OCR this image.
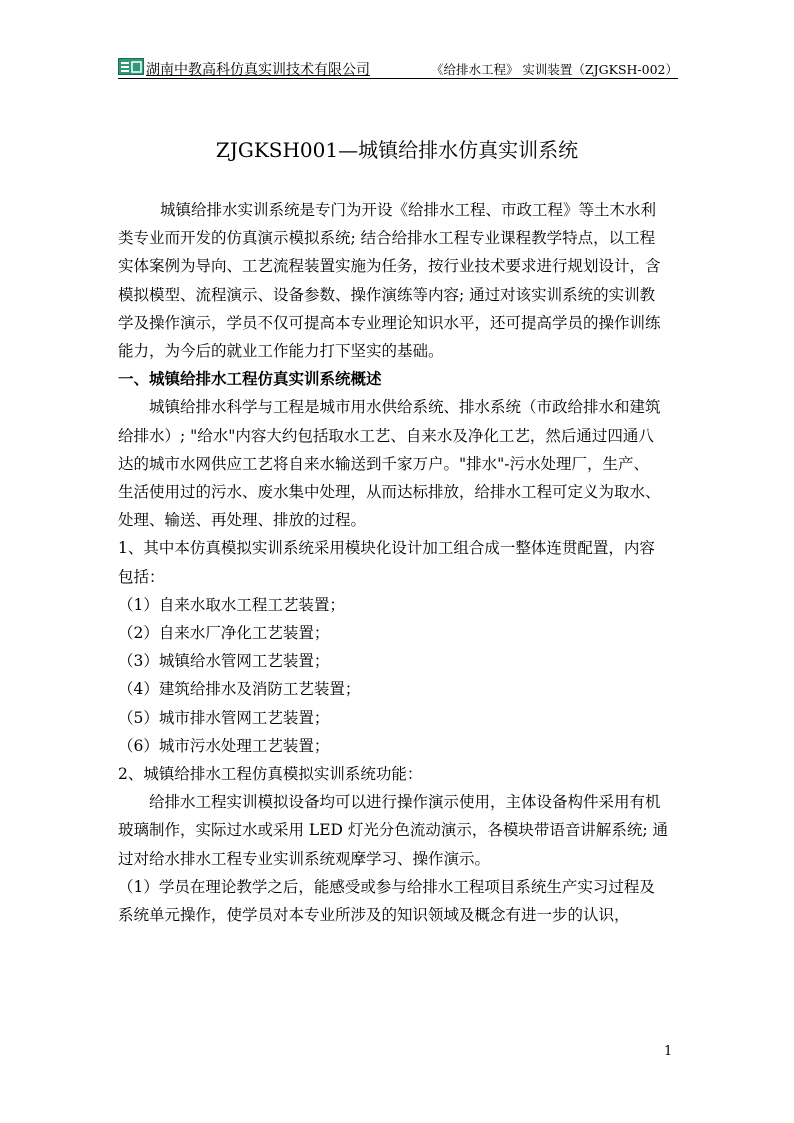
湖南中教高科仿真实训技术有限公司	《给排水工程》 实训装置（ZJGKSH-002）
ZJGKSH001—城镇给排水仿真实训系统

城镇给排水实训系统是专门为开设《给排水工程、市政工程》等土木水利

类专业而开发的仿真演示模拟系统; 结合给排水工程专业课程教学特点，以工程

实体案例为导向、工艺流程装置实施为任务，按行业技术要求进行规划设计，含

模拟模型、流程演示、设备参数、操作演练等内容; 通过对该实训系统的实训教

学及操作演示，学员不仅可提高本专业理论知识水平，还可提高学员的操作训练

能力，为今后的就业工作能力打下坚实的基础。

一、城镇给排水工程仿真实训系统概述

城镇给排水科学与工程是城市用水供给系统、排水系统（市政给排水和建筑

给排水）; "给水"内容大约包括取水工艺、自来水及净化工艺，然后通过四通八

达的城市水网供应工艺将自来水输送到千家万户。"排水"-污水处理厂，生产、

生活使用过的污水、废水集中处理，从而达标排放，给排水工程可定义为取水、

处理、输送、再处理、排放的过程。

1、其中本仿真模拟实训系统采用模块化设计加工组合成一整体连贯配置，内容

包括：

（1）自来水取水工程工艺装置；

（2）自来水厂净化工艺装置；

（3）城镇给水管网工艺装置；

（4）建筑给排水及消防工艺装置；

（5）城市排水管网工艺装置；

（6）城市污水处理工艺装置；

2、城镇给排水工程仿真模拟实训系统功能：

给排水工程实训模拟设备均可以进行操作演示使用，主体设备构件采用有机

玻璃制作，实际过水或采用 LED 灯光分色流动演示，各模块带语音讲解系统; 通

过对给水排水工程专业实训系统观摩学习、操作演示。

（1）学员在理论教学之后，能感受或参与给排水工程项目系统生产实习过程及

系统单元操作，使学员对本专业所涉及的知识领域及概念有进一步的认识，

1
